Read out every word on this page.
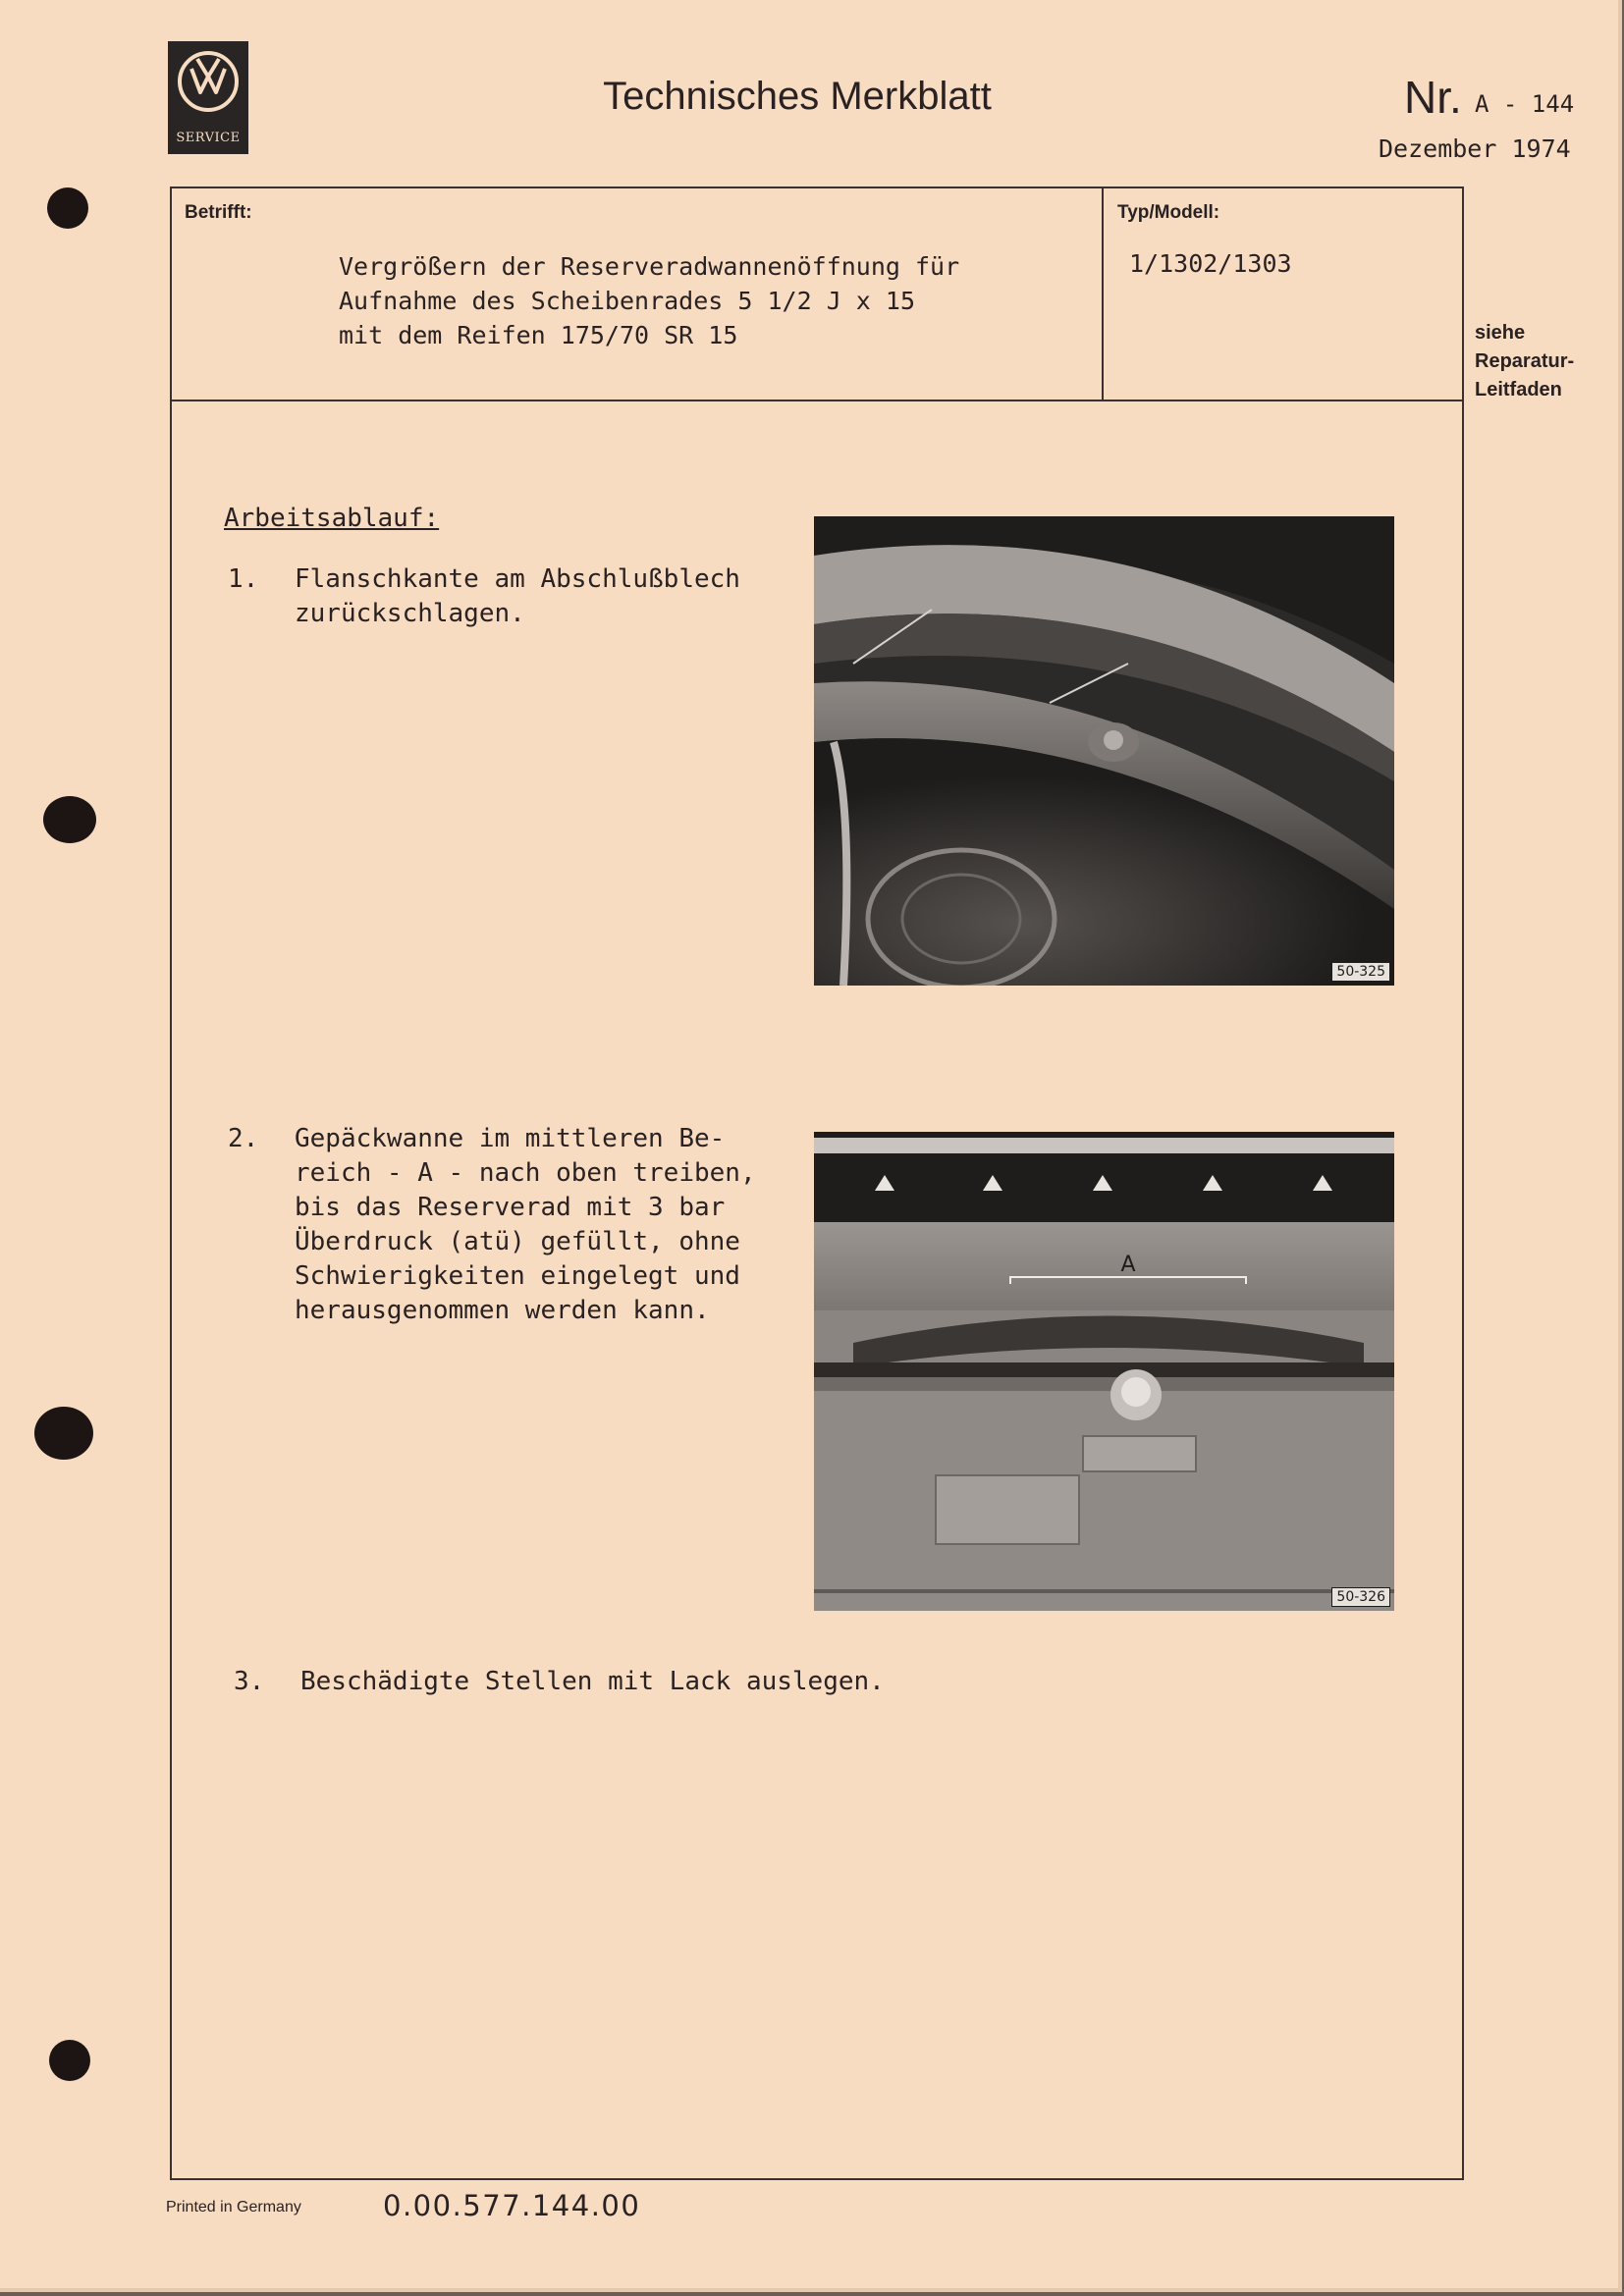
SERVICE
Technisches Merkblatt	Nr. A - 144
Dezember 1974
Betrifft:
Vergrößern der Reserveradwannenöffnung für
Aufnahme des Scheibenrades 5 1/2 J x 15
mit dem Reifen 175/70 SR 15
Typ/Modell:
1/1302/1303
siehe
Reparatur-
Leitfaden
Arbeitsablauf:
1. Flanschkante am Abschlußblech
zurückschlagen.
2. Gepäckwanne im mittleren Be-
reich - A - nach oben treiben,
bis das Reserverad mit 3 bar
Überdruck (atü) gefüllt, ohne
Schwierigkeiten eingelegt und
herausgenommen werden kann.
3. Beschädigte Stellen mit Lack auslegen.
50-325
A
50-326
Printed in Germany	0.00.577.144.00
